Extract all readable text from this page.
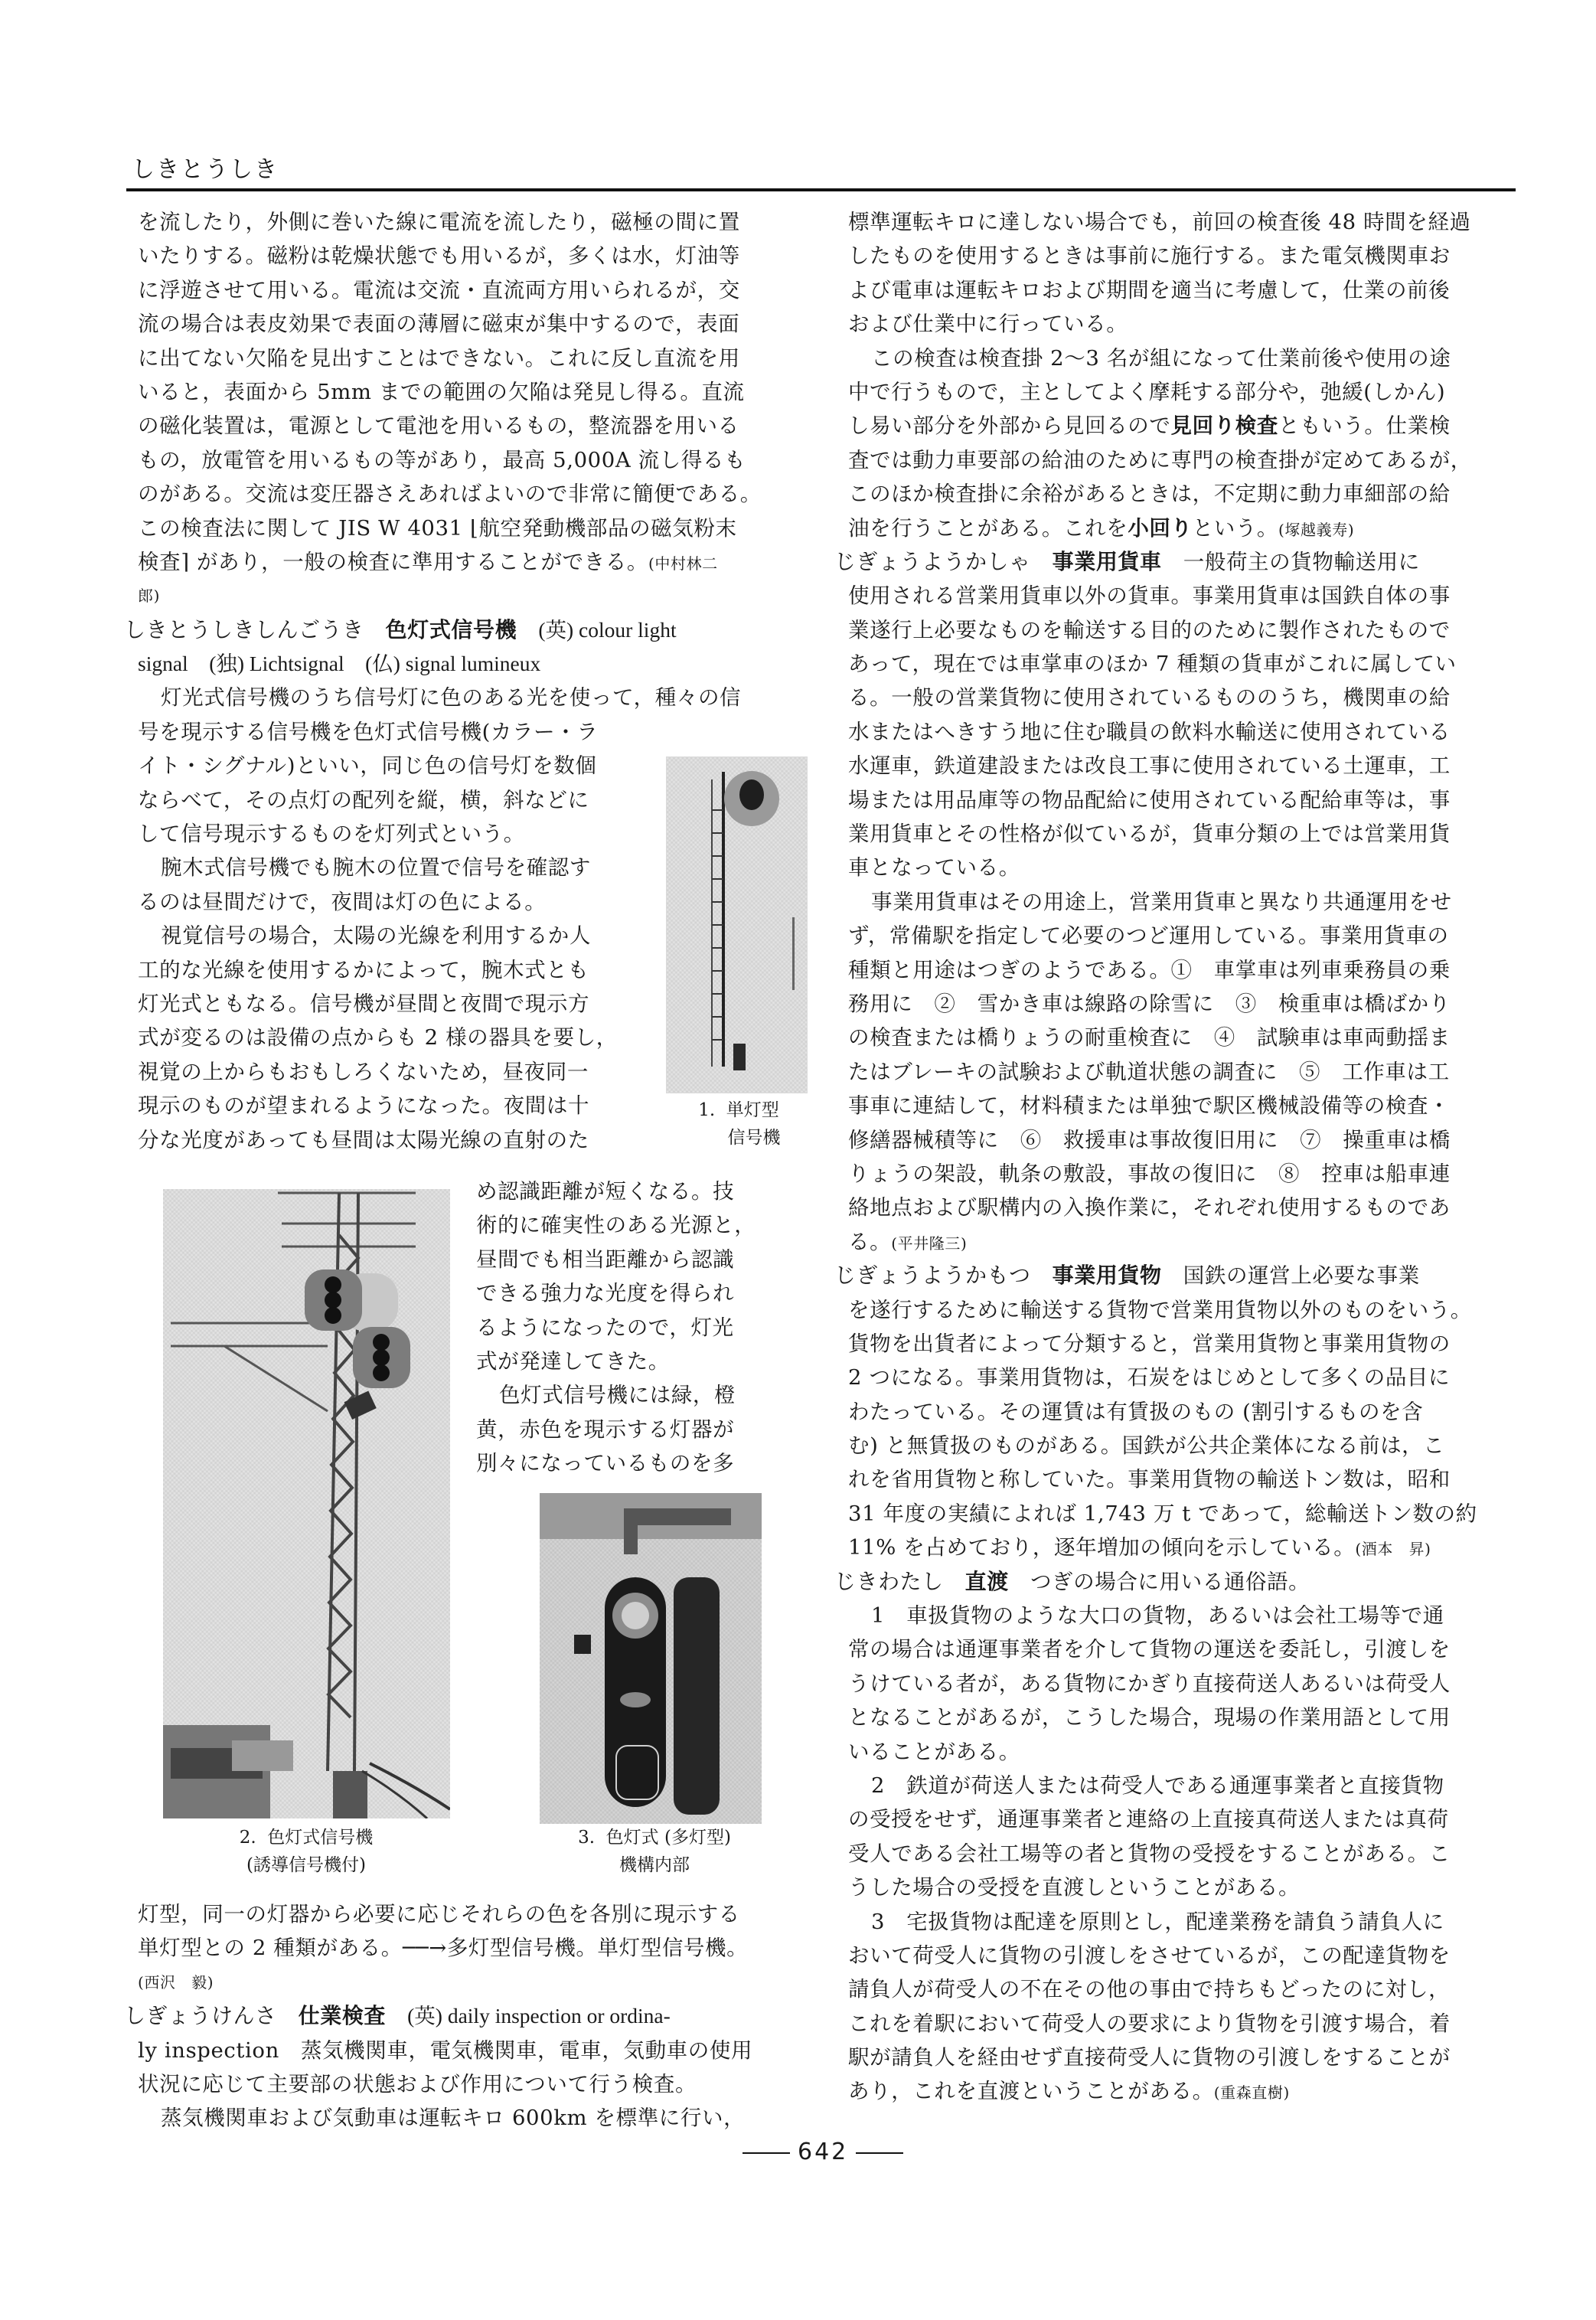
しきとうしき
を流したり，外側に巻いた線に電流を流したり，磁極の間に置
いたりする。磁粉は乾燥状態でも用いるが，多くは水，灯油等
に浮遊させて用いる。電流は交流・直流両方用いられるが，交
流の場合は表皮効果で表面の薄層に磁束が集中するので，表面
に出てない欠陥を見出すことはできない。これに反し直流を用
いると，表面から 5mm までの範囲の欠陥は発見し得る。直流
の磁化装置は，電源として電池を用いるもの，整流器を用いる
もの，放電管を用いるもの等があり，最高 5,000A 流し得るも
のがある。交流は変圧器さえあればよいので非常に簡便である。
この検査法に関して JIS W 4031 ⌊航空発動機部品の磁気粉末
検査⌉ があり，一般の検査に準用することができる。(中村林二
郎)
しきとうしきしんごうき　 色灯式信号機　 (英) colour light
signal　(独) Lichtsignal　(仏) signal lumineux
灯光式信号機のうち信号灯に色のある光を使って，種々の信
号を現示する信号機を色灯式信号機(カラー・ラ
イト・シグナル)といい，同じ色の信号灯を数個
ならべて，その点灯の配列を縦，横，斜などに
して信号現示するものを灯列式という。
腕木式信号機でも腕木の位置で信号を確認す
るのは昼間だけで，夜間は灯の色による。
視覚信号の場合，太陽の光線を利用するか人
工的な光線を使用するかによって，腕木式とも
灯光式ともなる。信号機が昼間と夜間で現示方
式が変るのは設備の点からも 2 様の器具を要し，
視覚の上からもおもしろくないため，昼夜同一
現示のものが望まれるようになった。夜間は十
分な光度があっても昼間は太陽光線の直射のた
め認識距離が短くなる。技
術的に確実性のある光源と，
昼間でも相当距離から認識
できる強力な光度を得られ
るようになったので，灯光
式が発達してきた。
色灯式信号機には緑，橙
黄，赤色を現示する灯器が
別々になっているものを多
灯型，同一の灯器から必要に応じそれらの色を各別に現示する
単灯型との 2 種類がある。──→多灯型信号機。単灯型信号機。
(西沢　毅)
しぎょうけんさ　 仕業検査　 (英) daily inspection or ordina-
ly inspection　蒸気機関車，電気機関車，電車，気動車の使用
状況に応じて主要部の状態および作用について行う検査。
蒸気機関車および気動車は運転キロ 600km を標準に行い，
1. 単灯型
信号機
2. 色灯式信号機
(誘導信号機付)
3. 色灯式 (多灯型)
機構内部
標準運転キロに達しない場合でも，前回の検査後 48 時間を経過
したものを使用するときは事前に施行する。また電気機関車お
よび電車は運転キロおよび期間を適当に考慮して，仕業の前後
および仕業中に行っている。
この検査は検査掛 2〜3 名が組になって仕業前後や使用の途
中で行うもので，主としてよく摩耗する部分や，弛緩(しかん)
し易い部分を外部から見回るので見回り検査ともいう。仕業検
査では動力車要部の給油のために専門の検査掛が定めてあるが，
このほか検査掛に余裕があるときは，不定期に動力車細部の給
油を行うことがある。これを小回りという。(塚越義寿)
じぎょうようかしゃ　 事業用貨車　 一般荷主の貨物輸送用に
使用される営業用貨車以外の貨車。事業用貨車は国鉄自体の事
業遂行上必要なものを輸送する目的のために製作されたもので
あって，現在では車掌車のほか 7 種類の貨車がこれに属してい
る。一般の営業貨物に使用されているもののうち，機関車の給
水またはへきすう地に住む職員の飲料水輸送に使用されている
水運車，鉄道建設または改良工事に使用されている土運車，工
場または用品庫等の物品配給に使用されている配給車等は，事
業用貨車とその性格が似ているが，貨車分類の上では営業用貨
車となっている。
事業用貨車はその用途上，営業用貨車と異なり共通運用をせ
ず，常備駅を指定して必要のつど運用している。事業用貨車の
種類と用途はつぎのようである。①　車掌車は列車乗務員の乗
務用に　②　雪かき車は線路の除雪に　③　検重車は橋ばかり
の検査または橋りょうの耐重検査に　④　試験車は車両動揺ま
たはブレーキの試験および軌道状態の調査に　⑤　工作車は工
事車に連結して，材料積または単独で駅区機械設備等の検査・
修繕器械積等に　⑥　救援車は事故復旧用に　⑦　操重車は橋
りょうの架設，軌条の敷設，事故の復旧に　⑧　控車は船車連
絡地点および駅構内の入換作業に，それぞれ使用するものであ
る。(平井隆三)
じぎょうようかもつ　 事業用貨物　 国鉄の運営上必要な事業
を遂行するために輸送する貨物で営業用貨物以外のものをいう。
貨物を出貨者によって分類すると，営業用貨物と事業用貨物の
2 つになる。事業用貨物は，石炭をはじめとして多くの品目に
わたっている。その運賃は有賃扱のもの (割引するものを含
む) と無賃扱のものがある。国鉄が公共企業体になる前は，こ
れを省用貨物と称していた。事業用貨物の輸送トン数は，昭和
31 年度の実績によれば 1,743 万 t であって，総輸送トン数の約
11% を占めており，逐年増加の傾向を示している。(酒本　昇)
じきわたし　 直渡　 つぎの場合に用いる通俗語。
1　車扱貨物のような大口の貨物，あるいは会社工場等で通
常の場合は通運事業者を介して貨物の運送を委託し，引渡しを
うけている者が，ある貨物にかぎり直接荷送人あるいは荷受人
となることがあるが，こうした場合，現場の作業用語として用
いることがある。
2　鉄道が荷送人または荷受人である通運事業者と直接貨物
の受授をせず，通運事業者と連絡の上直接真荷送人または真荷
受人である会社工場等の者と貨物の受授をすることがある。こ
うした場合の受授を直渡しということがある。
3　宅扱貨物は配達を原則とし，配達業務を請負う請負人に
おいて荷受人に貨物の引渡しをさせているが，この配達貨物を
請負人が荷受人の不在その他の事由で持ちもどったのに対し，
これを着駅において荷受人の要求により貨物を引渡す場合，着
駅が請負人を経由せず直接荷受人に貨物の引渡しをすることが
あり，これを直渡ということがある。(重森直樹)
642
